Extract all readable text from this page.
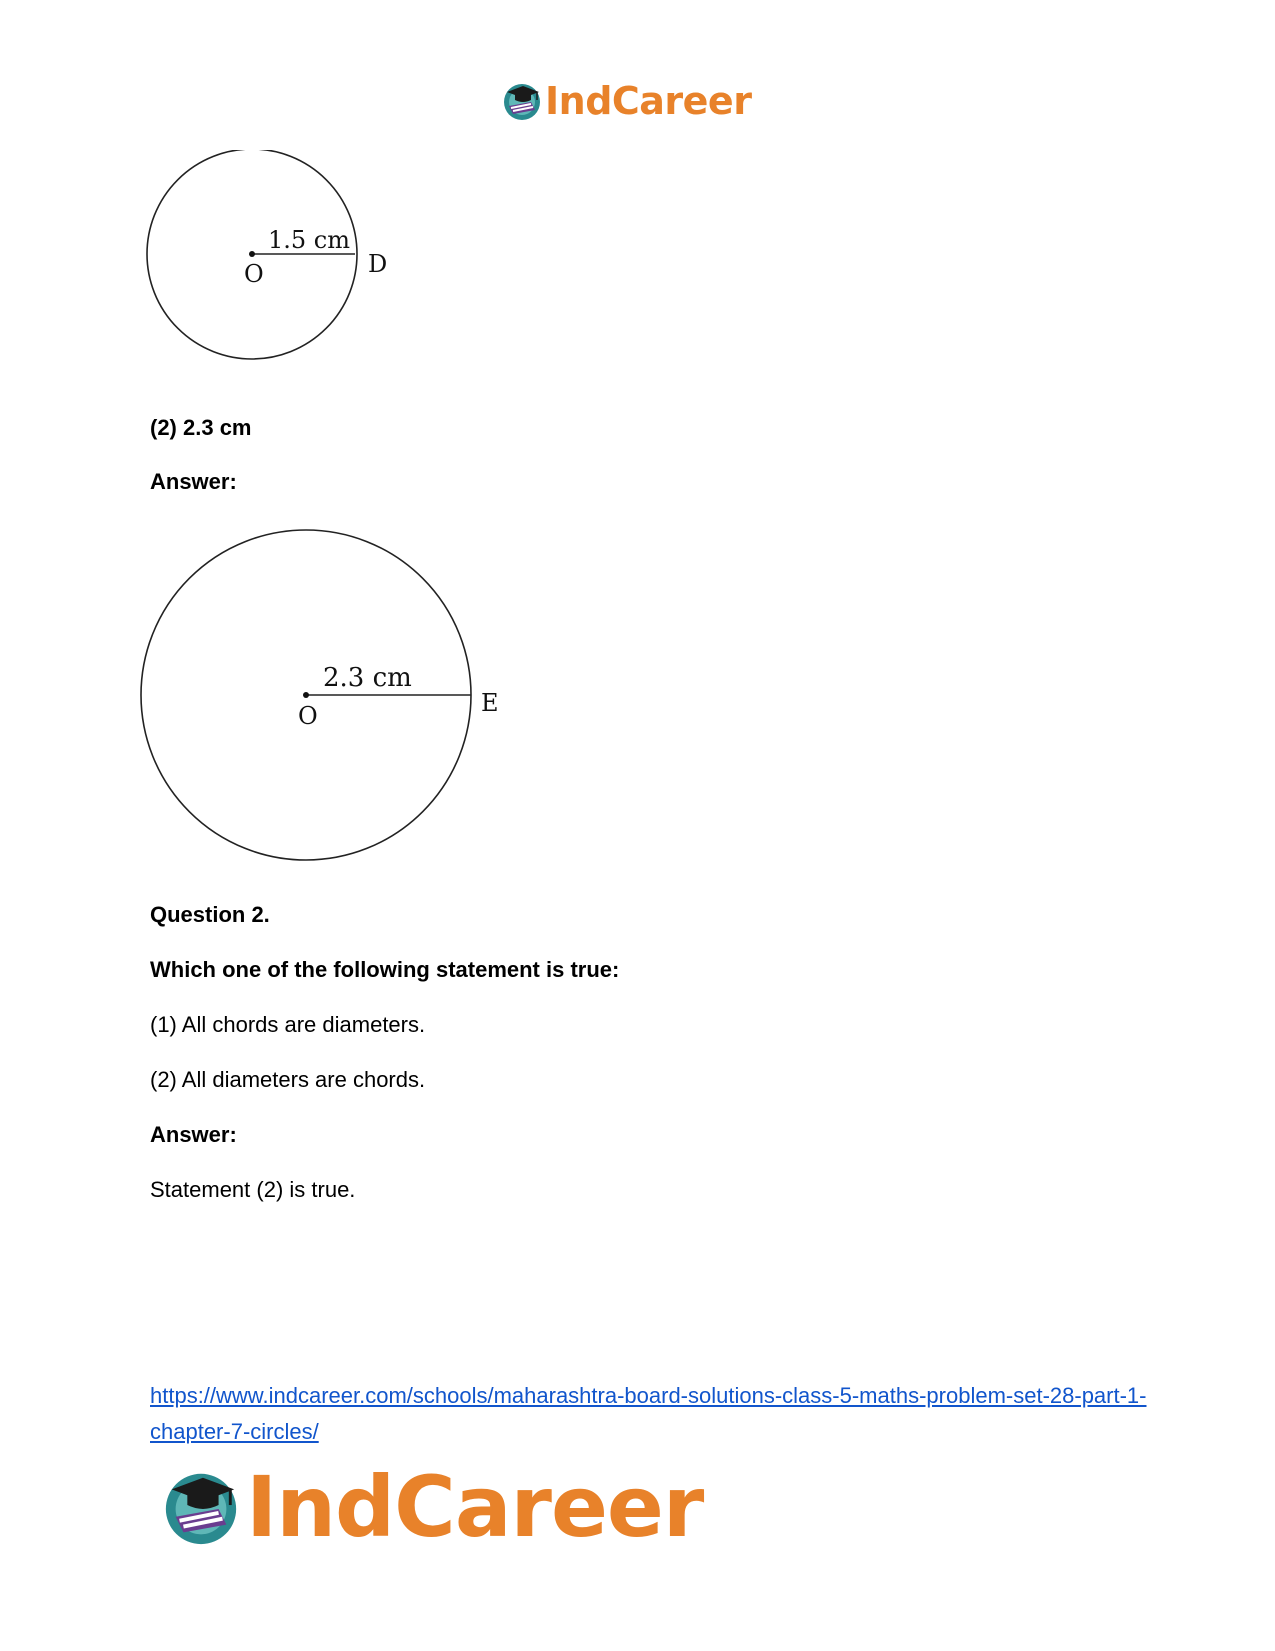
IndCareer
1.5 cm
O	D
(2) 2.3 cm
Answer:
2.3 cm
O	E
Question 2.
Which one of the following statement is true:
(1) All chords are diameters.
(2) All diameters are chords.
Answer:
Statement (2) is true.
https://www.indcareer.com/schools/maharashtra-board-solutions-class-5-maths-problem-set-28-part-1-chapter-7-circles/
IndCareer
